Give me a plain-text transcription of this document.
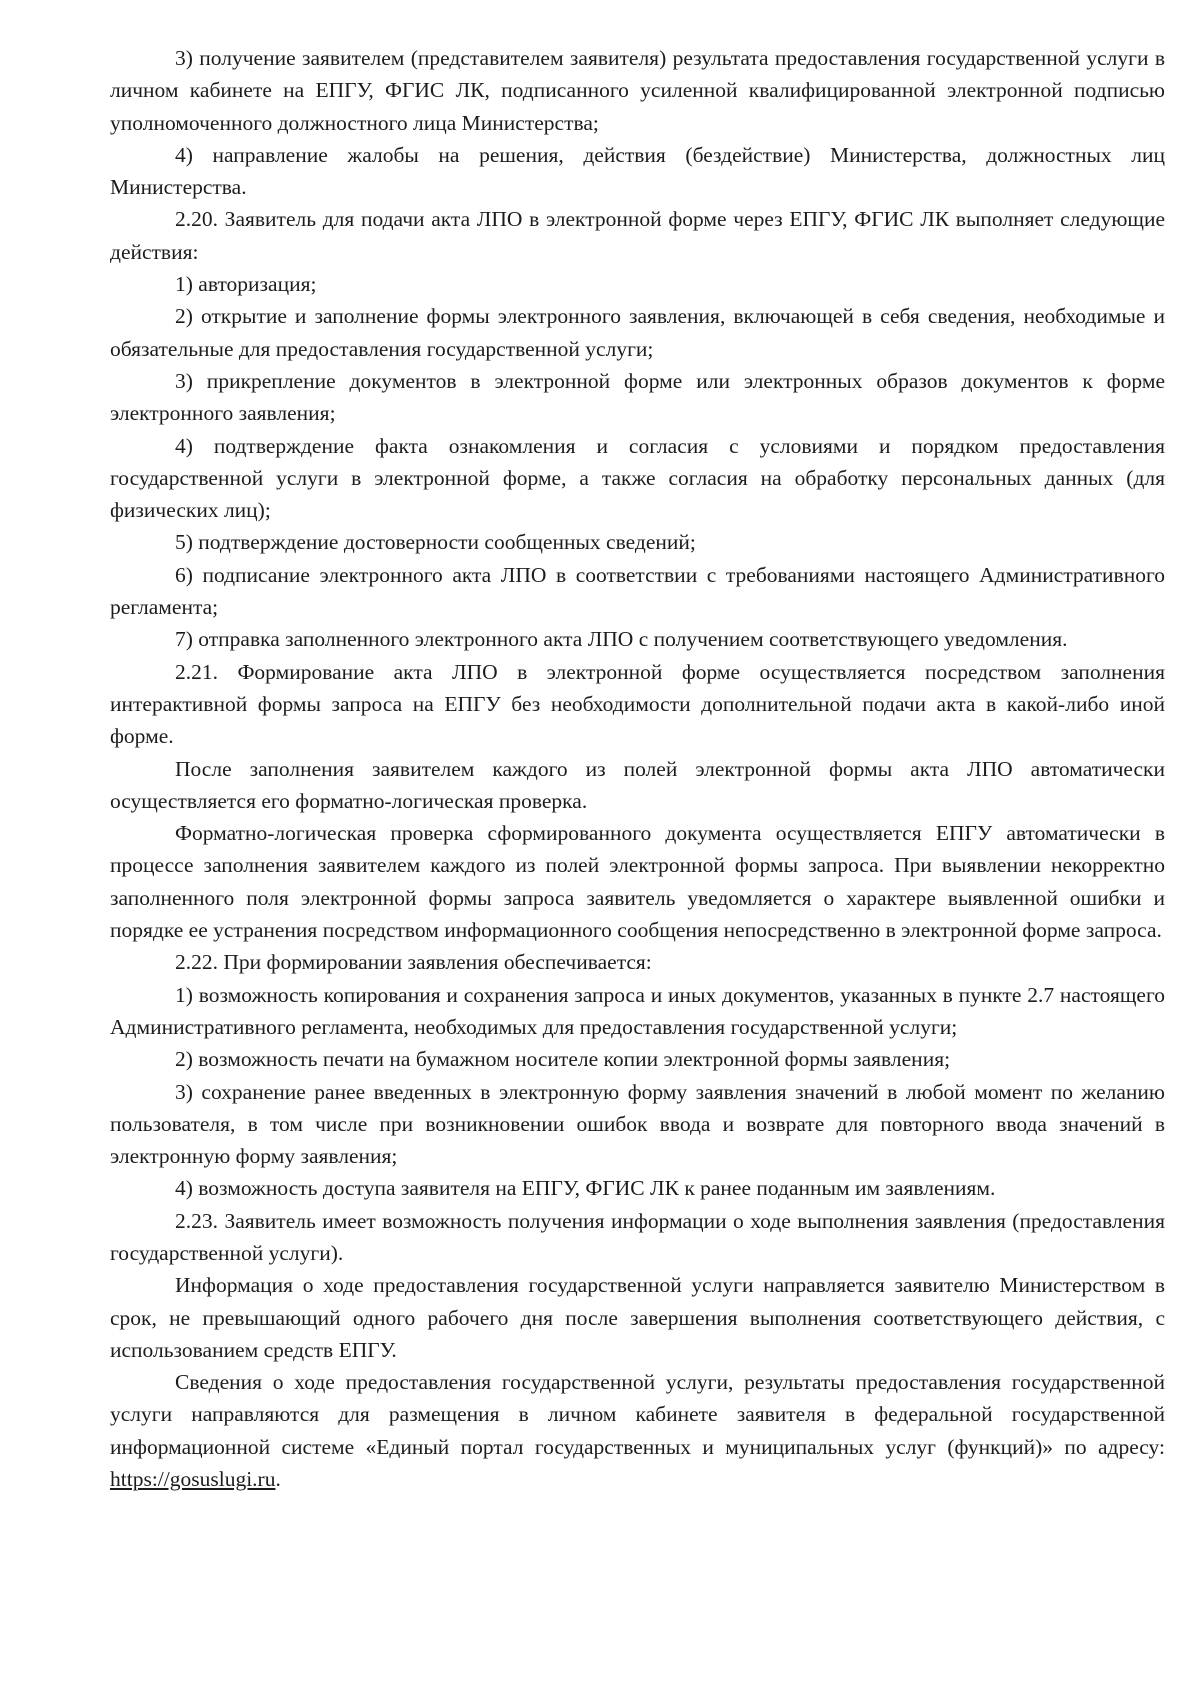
3) получение заявителем (представителем заявителя) результата предоставления государственной услуги в личном кабинете на ЕПГУ, ФГИС ЛК, подписанного усиленной квалифицированной электронной подписью уполномоченного должностного лица Министерства;

4) направление жалобы на решения, действия (бездействие) Министерства, должностных лиц Министерства.

2.20. Заявитель для подачи акта ЛПО в электронной форме через ЕПГУ, ФГИС ЛК выполняет следующие действия:

1) авторизация;

2) открытие и заполнение формы электронного заявления, включающей в себя сведения, необходимые и обязательные для предоставления государственной услуги;

3) прикрепление документов в электронной форме или электронных образов документов к форме электронного заявления;

4) подтверждение факта ознакомления и согласия с условиями и порядком предоставления государственной услуги в электронной форме, а также согласия на обработку персональных данных (для физических лиц);

5) подтверждение достоверности сообщенных сведений;

6) подписание электронного акта ЛПО в соответствии с требованиями настоящего Административного регламента;

7) отправка заполненного электронного акта ЛПО с получением соответствующего уведомления.

2.21. Формирование акта ЛПО в электронной форме осуществляется посредством заполнения интерактивной формы запроса на ЕПГУ без необходимости дополнительной подачи акта в какой-либо иной форме.

После заполнения заявителем каждого из полей электронной формы акта ЛПО автоматически осуществляется его форматно-логическая проверка.

Форматно-логическая проверка сформированного документа осуществляется ЕПГУ автоматически в процессе заполнения заявителем каждого из полей электронной формы запроса. При выявлении некорректно заполненного поля электронной формы запроса заявитель уведомляется о характере выявленной ошибки и порядке ее устранения посредством информационного сообщения непосредственно в электронной форме запроса.

2.22. При формировании заявления обеспечивается:

1) возможность копирования и сохранения запроса и иных документов, указанных в пункте 2.7 настоящего Административного регламента, необходимых для предоставления государственной услуги;

2) возможность печати на бумажном носителе копии электронной формы заявления;

3) сохранение ранее введенных в электронную форму заявления значений в любой момент по желанию пользователя, в том числе при возникновении ошибок ввода и возврате для повторного ввода значений в электронную форму заявления;

4) возможность доступа заявителя на ЕПГУ, ФГИС ЛК к ранее поданным им заявлениям.

2.23. Заявитель имеет возможность получения информации о ходе выполнения заявления (предоставления государственной услуги).

Информация о ходе предоставления государственной услуги направляется заявителю Министерством в срок, не превышающий одного рабочего дня после завершения выполнения соответствующего действия, с использованием средств ЕПГУ.

Сведения о ходе предоставления государственной услуги, результаты предоставления государственной услуги направляются для размещения в личном кабинете заявителя в федеральной государственной информационной системе «Единый портал государственных и муниципальных услуг (функций)» по адресу: https://gosuslugi.ru.
